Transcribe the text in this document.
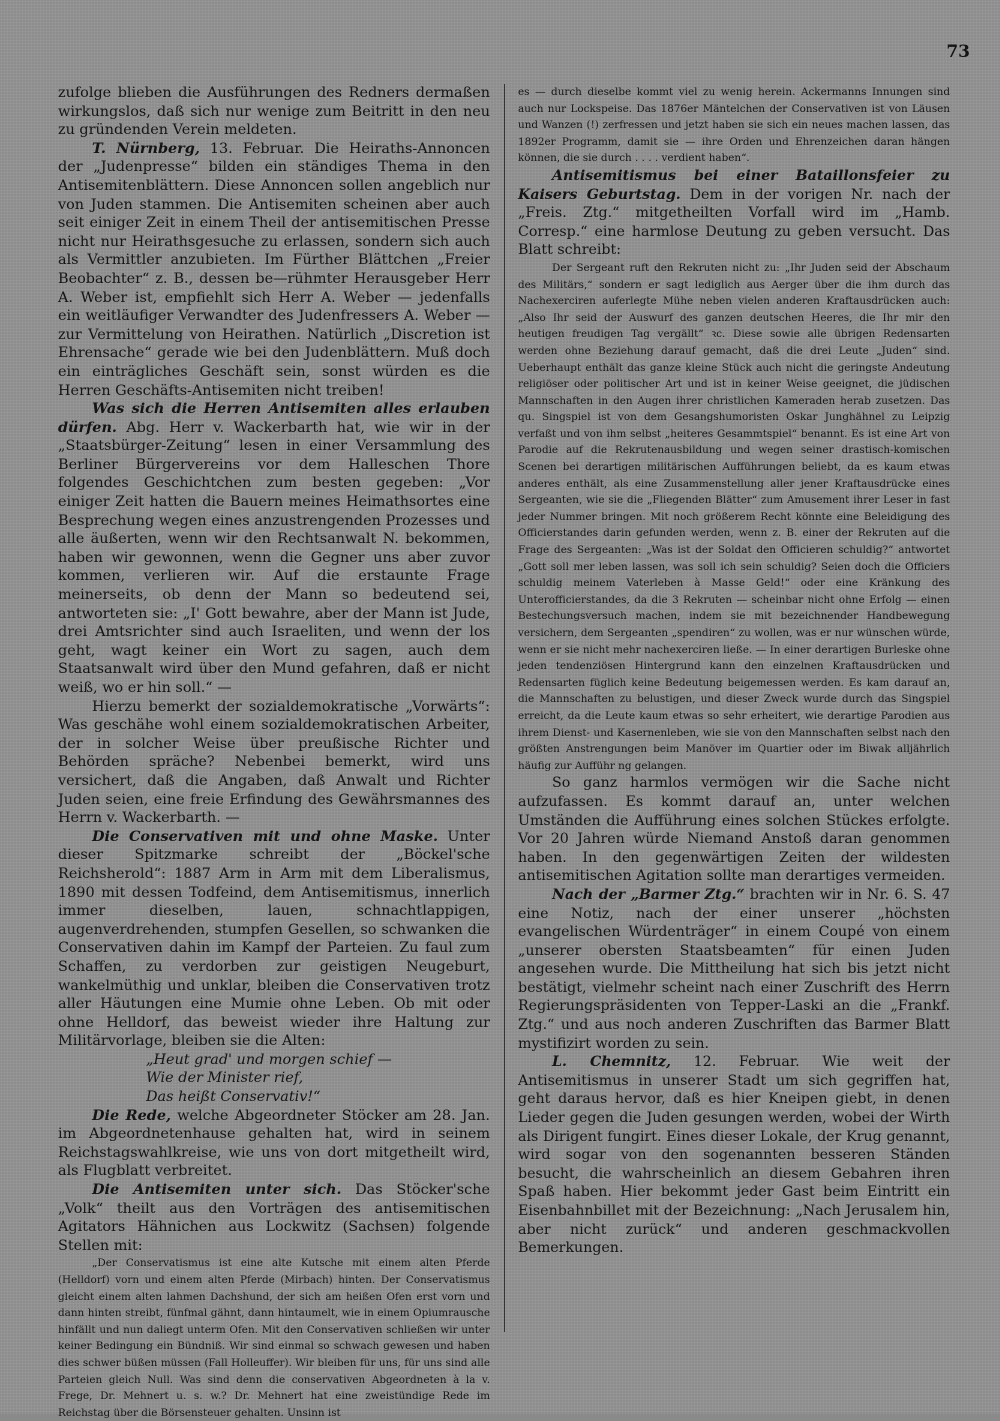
73

zufolge blieben die Ausführungen des Redners dermaßen wirkungslos, daß sich nur wenige zum Beitritt in den neu zu gründenden Verein meldeten.

T. Nürnberg, 13. Februar. Die Heiraths-Annoncen der „Judenpresse“ bilden ein ständiges Thema in den Antisemitenblättern. Diese Annoncen sollen angeblich nur von Juden stammen. Die Antisemiten scheinen aber auch seit einiger Zeit in einem Theil der antisemitischen Presse nicht nur Heirathsgesuche zu erlassen, sondern sich auch als Vermittler anzubieten. Im Fürther Blättchen „Freier Beobachter“ z. B., dessen be—rühmter Herausgeber Herr A. Weber ist, empfiehlt sich Herr A. Weber — jedenfalls ein weitläufiger Verwandter des Judenfressers A. Weber — zur Vermittelung von Heirathen. Natürlich „Discretion ist Ehrensache“ gerade wie bei den Judenblättern. Muß doch ein einträgliches Geschäft sein, sonst würden es die Herren Geschäfts-Antisemiten nicht treiben!

Was sich die Herren Antisemiten alles erlauben dürfen. Abg. Herr v. Wackerbarth hat, wie wir in der „Staatsbürger-Zeitung“ lesen in einer Versammlung des Berliner Bürgervereins vor dem Halleschen Thore folgendes Geschichtchen zum besten gegeben: „Vor einiger Zeit hatten die Bauern meines Heimathsortes eine Besprechung wegen eines anzustrengenden Prozesses und alle äußerten, wenn wir den Rechtsanwalt N. bekommen, haben wir gewonnen, wenn die Gegner uns aber zuvor kommen, verlieren wir. Auf die erstaunte Frage meinerseits, ob denn der Mann so bedeutend sei, antworteten sie: „I' Gott bewahre, aber der Mann ist Jude, drei Amtsrichter sind auch Israeliten, und wenn der los geht, wagt keiner ein Wort zu sagen, auch dem Staatsanwalt wird über den Mund gefahren, daß er nicht weiß, wo er hin soll.“ —

Hierzu bemerkt der sozialdemokratische „Vorwärts“: Was geschähe wohl einem sozialdemokratischen Arbeiter, der in solcher Weise über preußische Richter und Behörden spräche? Nebenbei bemerkt, wird uns versichert, daß die Angaben, daß Anwalt und Richter Juden seien, eine freie Erfindung des Gewährsmannes des Herrn v. Wackerbarth. —

Die Conservativen mit und ohne Maske. Unter dieser Spitzmarke schreibt der „Böckel'sche Reichsherold“: 1887 Arm in Arm mit dem Liberalismus, 1890 mit dessen Todfeind, dem Antisemitismus, innerlich immer dieselben, lauen, schnachtlappigen, augenverdrehenden, stumpfen Gesellen, so schwanken die Conservativen dahin im Kampf der Parteien. Zu faul zum Schaffen, zu verdorben zur geistigen Neugeburt, wankelmüthig und unklar, bleiben die Conservativen trotz aller Häutungen eine Mumie ohne Leben. Ob mit oder ohne Helldorf, das beweist wieder ihre Haltung zur Militärvorlage, bleiben sie die Alten:

„Heut grad' und morgen schief —
Wie der Minister rief,
Das heißt Conservativ!“

Die Rede, welche Abgeordneter Stöcker am 28. Jan. im Abgeordnetenhause gehalten hat, wird in seinem Reichstagswahlkreise, wie uns von dort mitgetheilt wird, als Flugblatt verbreitet.

Die Antisemiten unter sich. Das Stöcker'sche „Volk“ theilt aus den Vorträgen des antisemitischen Agitators Hähnichen aus Lockwitz (Sachsen) folgende Stellen mit:

„Der Conservatismus ist eine alte Kutsche mit einem alten Pferde (Helldorf) vorn und einem alten Pferde (Mirbach) hinten. Der Conservatismus gleicht einem alten lahmen Dachshund, der sich am heißen Ofen erst vorn und dann hinten streibt, fünfmal gähnt, dann hintaumelt, wie in einem Opiumrausche hinfällt und nun daliegt unterm Ofen. Mit den Conservativen schließen wir unter keiner Bedingung ein Bündniß. Wir sind einmal so schwach gewesen und haben dies schwer büßen müssen (Fall Holleuffer). Wir bleiben für uns, für uns sind alle Parteien gleich Null. Was sind denn die conservativen Abgeordneten à la v. Frege, Dr. Mehnert u. s. w.? Dr. Mehnert hat eine zweistündige Rede im Reichstag über die Börsensteuer gehalten. Unsinn ist

es — durch dieselbe kommt viel zu wenig herein. Ackermanns Innungen sind auch nur Lockspeise. Das 1876er Mäntelchen der Conservativen ist von Läusen und Wanzen (!) zerfressen und jetzt haben sie sich ein neues machen lassen, das 1892er Programm, damit sie — ihre Orden und Ehrenzeichen daran hängen können, die sie durch . . . . verdient haben“.

Antisemitismus bei einer Bataillonsfeier zu Kaisers Geburtstag. Dem in der vorigen Nr. nach der „Freis. Ztg.“ mitgetheilten Vorfall wird im „Hamb. Corresp.“ eine harmlose Deutung zu geben versucht. Das Blatt schreibt:

Der Sergeant ruft den Rekruten nicht zu: „Ihr Juden seid der Abschaum des Militärs,“ sondern er sagt lediglich aus Aerger über die ihm durch das Nachexerciren auferlegte Mühe neben vielen anderen Kraftausdrücken auch: „Also Ihr seid der Auswurf des ganzen deutschen Heeres, die Ihr mir den heutigen freudigen Tag vergällt“ ꝛc. Diese sowie alle übrigen Redensarten werden ohne Beziehung darauf gemacht, daß die drei Leute „Juden“ sind. Ueberhaupt enthält das ganze kleine Stück auch nicht die geringste Andeutung religiöser oder politischer Art und ist in keiner Weise geeignet, die jüdischen Mannschaften in den Augen ihrer christlichen Kameraden herab zusetzen. Das qu. Singspiel ist von dem Gesangshumoristen Oskar Junghähnel zu Leipzig verfaßt und von ihm selbst „heiteres Gesammtspiel“ benannt. Es ist eine Art von Parodie auf die Rekrutenausbildung und wegen seiner drastisch-komischen Scenen bei derartigen militärischen Aufführungen beliebt, da es kaum etwas anderes enthält, als eine Zusammenstellung aller jener Kraftausdrücke eines Sergeanten, wie sie die „Fliegenden Blätter“ zum Amusement ihrer Leser in fast jeder Nummer bringen. Mit noch größerem Recht könnte eine Beleidigung des Officierstandes darin gefunden werden, wenn z. B. einer der Rekruten auf die Frage des Sergeanten: „Was ist der Soldat den Officieren schuldig?“ antwortet „Gott soll mer leben lassen, was soll ich sein schuldig? Seien doch die Officiers schuldig meinem Vaterleben à Masse Geld!“ oder eine Kränkung des Unterofficierstandes, da die 3 Rekruten — scheinbar nicht ohne Erfolg — einen Bestechungsversuch machen, indem sie mit bezeichnender Handbewegung versichern, dem Sergeanten „spendiren“ zu wollen, was er nur wünschen würde, wenn er sie nicht mehr nachexerciren ließe. — In einer derartigen Burleske ohne jeden tendenziösen Hintergrund kann den einzelnen Kraftausdrücken und Redensarten füglich keine Bedeutung beigemessen werden. Es kam darauf an, die Mannschaften zu belustigen, und dieser Zweck wurde durch das Singspiel erreicht, da die Leute kaum etwas so sehr erheitert, wie derartige Parodien aus ihrem Dienst- und Kasernenleben, wie sie von den Mannschaften selbst nach den größten Anstrengungen beim Manöver im Quartier oder im Biwak alljährlich häufig zur Aufführ ng gelangen.

So ganz harmlos vermögen wir die Sache nicht aufzufassen. Es kommt darauf an, unter welchen Umständen die Aufführung eines solchen Stückes erfolgte. Vor 20 Jahren würde Niemand Anstoß daran genommen haben. In den gegenwärtigen Zeiten der wildesten antisemitischen Agitation sollte man derartiges vermeiden.

Nach der „Barmer Ztg.“ brachten wir in Nr. 6. S. 47 eine Notiz, nach der einer unserer „höchsten evangelischen Würdenträger“ in einem Coupé von einem „unserer obersten Staatsbeamten“ für einen Juden angesehen wurde. Die Mittheilung hat sich bis jetzt nicht bestätigt, vielmehr scheint nach einer Zuschrift des Herrn Regierungspräsidenten von Tepper-Laski an die „Frankf. Ztg.“ und aus noch anderen Zuschriften das Barmer Blatt mystifizirt worden zu sein.

L. Chemnitz, 12. Februar. Wie weit der Antisemitismus in unserer Stadt um sich gegriffen hat, geht daraus hervor, daß es hier Kneipen giebt, in denen Lieder gegen die Juden gesungen werden, wobei der Wirth als Dirigent fungirt. Eines dieser Lokale, der Krug genannt, wird sogar von den sogenannten besseren Ständen besucht, die wahrscheinlich an diesem Gebahren ihren Spaß haben. Hier bekommt jeder Gast beim Eintritt ein Eisenbahnbillet mit der Bezeichnung: „Nach Jerusalem hin, aber nicht zurück“ und anderen geschmackvollen Bemerkungen.
